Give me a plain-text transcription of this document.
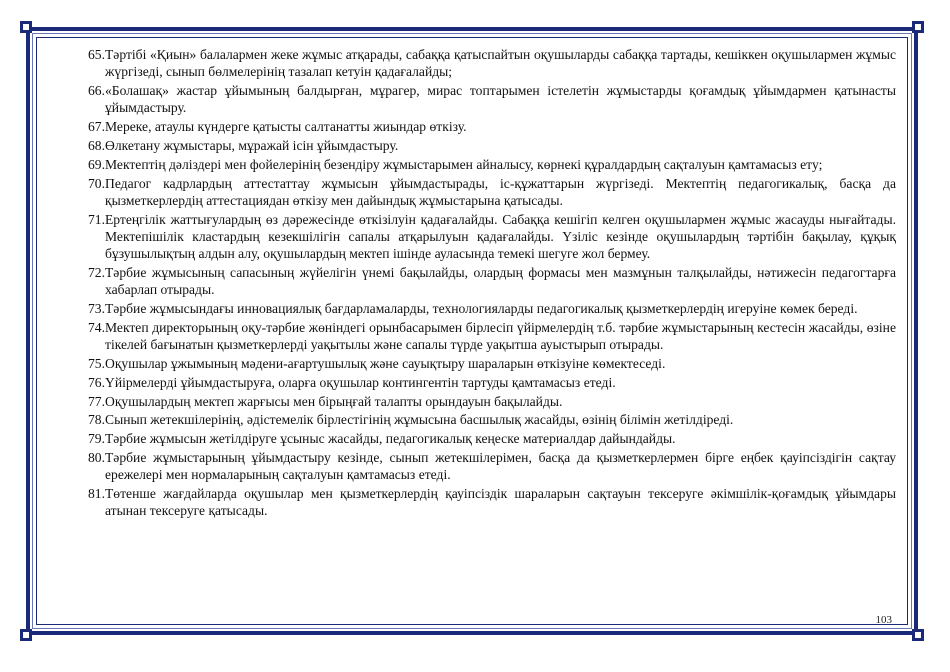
65. Тәртібі «Қиын» балалармен жеке жұмыс атқарады, сабаққа қатыспайтын оқушыларды сабаққа тартады, кешіккен оқушылармен жұмыс жүргізеді, сынып бөлмелерінің тазалап кетуін қадағалайды;
66. «Болашақ» жастар ұйымының балдырған, мұрагер, мирас топтарымен істелетін жұмыстарды қоғамдық ұйымдармен қатынасты ұйымдастыру.
67. Мереке, атаулы күндерге қатысты салтанатты жиындар өткізу.
68. Өлкетану жұмыстары, мұражай ісін ұйымдастыру.
69. Мектептің дәліздері мен фойелерінің безендіру жұмыстарымен айналысу, көрнекі құралдардың сақталуын қамтамасыз ету;
70. Педагог кадрлардың аттестаттау жұмысын ұйымдастырады, іс-құжаттарын жүргізеді. Мектептің педагогикалық, басқа да қызметкерлердің аттестациядан өткізу мен дайындық жұмыстарына қатысады.
71. Ертеңгілік жаттығулардың өз дәрежесінде өткізілуін қадағалайды. Сабаққа кешігіп келген оқушылармен жұмыс жасауды нығайтады. Мектепішілік кластардың кезекшілігін сапалы атқарылуын қадағалайды. Үзіліс кезінде оқушылардың тәртібін бақылау, құқық бұзушылықтың алдын алу, оқушылардың мектеп ішінде ауласында темекі шегуге жол бермеу.
72. Тәрбие жұмысының сапасының жүйелігін үнемі бақылайды, олардың формасы мен мазмұнын талқылайды, нәтижесін педагогтарға хабарлап отырады.
73. Тәрбие жұмысындағы инновациялық бағдарламаларды, технологияларды педагогикалық қызметкерлердің игеруіне көмек береді.
74. Мектеп директорының оқу-тәрбие жөніндегі орынбасарымен бірлесіп үйірмелердің т.б. тәрбие жұмыстарының кестесін жасайды, өзіне тікелей бағынатын қызметкерлерді уақытылы және сапалы түрде уақытша ауыстырып отырады.
75. Оқушылар ұжымының мәдени-ағартушылық және сауықтыру шараларын өткізуіне көмектеседі.
76. Үйірмелерді ұйымдастыруға, оларға оқушылар контингентін тартуды қамтамасыз етеді.
77. Оқушылардың мектеп жарғысы мен бірыңғай талапты орындауын бақылайды.
78. Сынып жетекшілерінің, әдістемелік бірлестігінің жұмысына басшылық жасайды, өзінің білімін жетілдіреді.
79. Тәрбие жұмысын жетілдіруге ұсыныс жасайды, педагогикалық кеңеске материалдар дайындайды.
80. Тәрбие жұмыстарының ұйымдастыру кезінде, сынып жетекшілерімен, басқа да қызметкерлермен бірге еңбек қауіпсіздігін сақтау ережелері мен нормаларының сақталуын қамтамасыз етеді.
81. Төтенше жағдайларда оқушылар мен қызметкерлердің қауіпсіздік шараларын сақтауын тексеруге әкімшілік-қоғамдық ұйымдары атынан тексеруге қатысады.
103
